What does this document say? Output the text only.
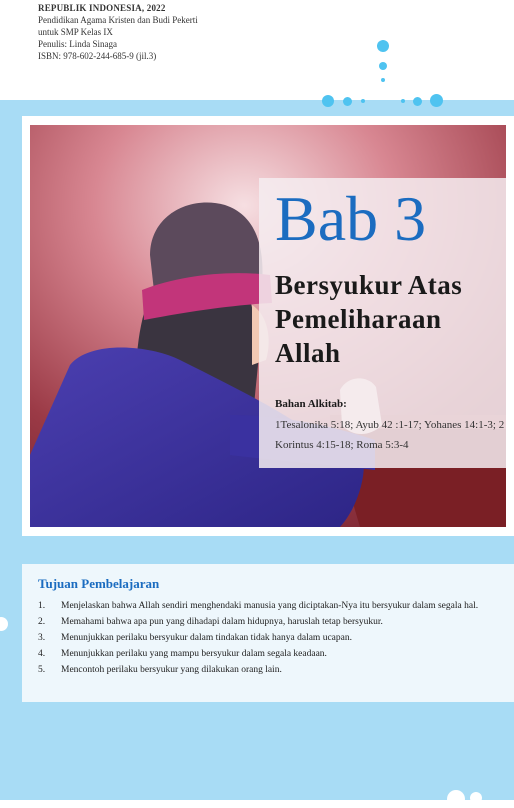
REPUBLIK INDONESIA, 2022
Pendidikan Agama Kristen dan Budi Pekerti
untuk SMP Kelas IX
Penulis: Linda Sinaga
ISBN: 978-602-244-685-9 (jil.3)
Bab 3
Bersyukur Atas
Pemeliharaan
Allah
Bahan Alkitab:
1Tesalonika 5:18; Ayub 42 :1-17; Yohanes 14:1-3; 2 Korintus 4:15-18; Roma 5:3-4
Tujuan Pembelajaran
1. Menjelaskan bahwa Allah sendiri menghendaki manusia yang diciptakan-Nya itu bersyukur dalam segala hal.
2. Memahami bahwa apa pun yang dihadapi dalam hidupnya, haruslah tetap bersyukur.
3. Menunjukkan perilaku bersyukur dalam tindakan tidak hanya dalam ucapan.
4. Menunjukkan perilaku yang mampu bersyukur dalam segala keadaan.
5. Mencontoh perilaku bersyukur yang dilakukan orang lain.
